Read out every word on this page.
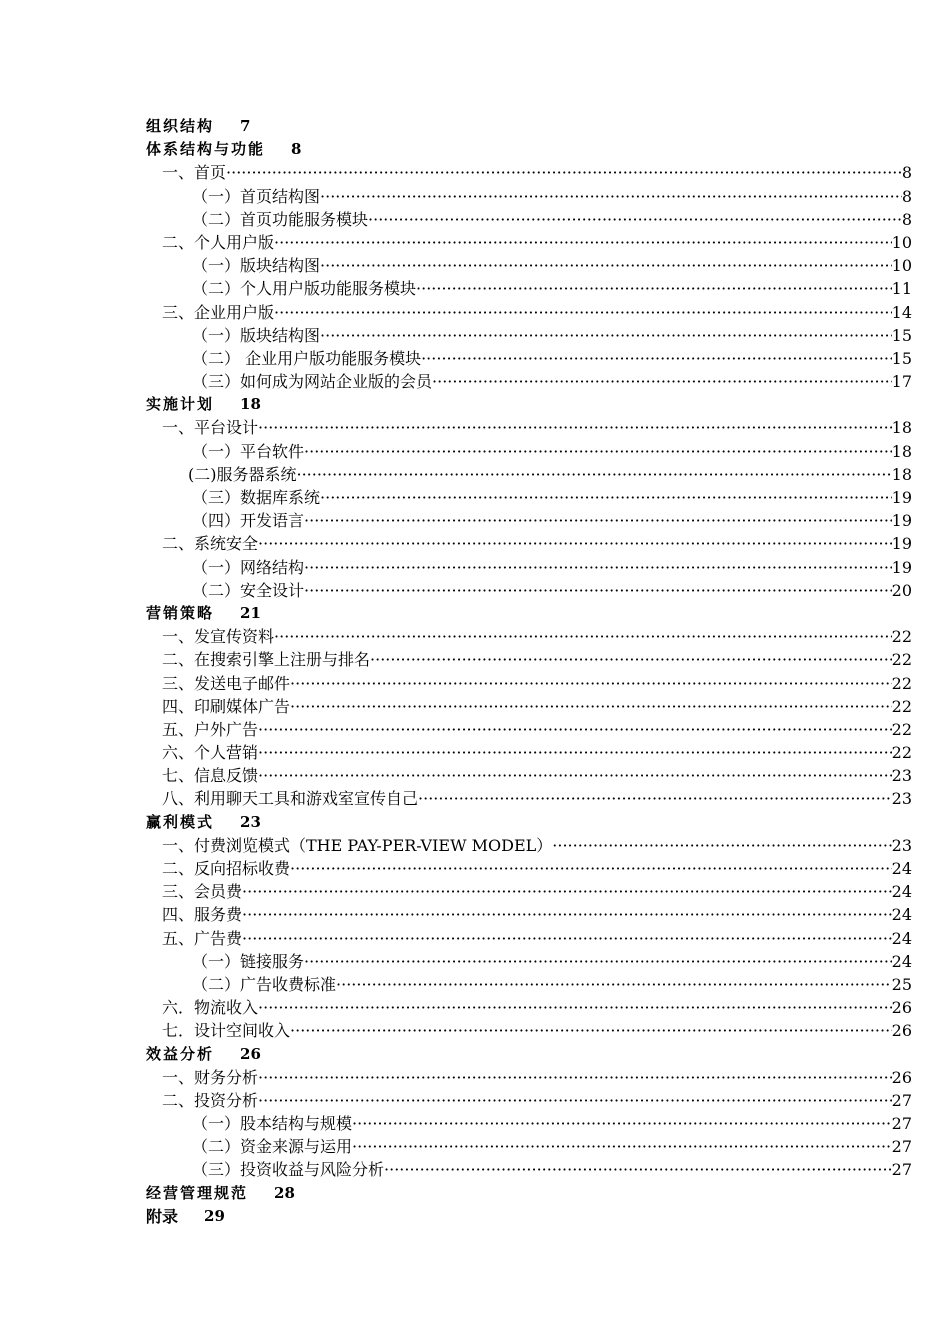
组织结构 7
体系结构与功能 8
一、首页 ·····	8
（一）首页结构图 ·····	8
（二）首页功能服务模块 ·····	8
二、个人用户版 ·····	10
（一）版块结构图 ·····	10
（二）个人用户版功能服务模块 ·····	11
三、企业用户版 ·····	14
（一）版块结构图 ·····	15
（二） 企业用户版功能服务模块 ·····	15
（三）如何成为网站企业版的会员 ·····	17
实施计划 18
一、平台设计 ·····	18
（一）平台软件 ·····	18
(二)服务器系统 ·····	18
（三）数据库系统 ·····	19
（四）开发语言 ·····	19
二、系统安全 ·····	19
（一）网络结构 ·····	19
（二）安全设计 ·····	20
营销策略 21
一、发宣传资料 ·····	22
二、在搜索引擎上注册与排名 ·····	22
三、发送电子邮件 ·····	22
四、印刷媒体广告 ·····	22
五、户外广告 ·····	22
六、个人营销 ·····	22
七、信息反馈 ·····	23
八、利用聊天工具和游戏室宣传自己 ·····	23
赢利模式 23
一、付费浏览模式（THE PAY-PER-VIEW MODEL） ·····	23
二、反向招标收费 ·····	24
三、会员费 ·····	24
四、服务费 ·····	24
五、广告费 ·····	24
（一）链接服务 ·····	24
（二）广告收费标准 ·····	25
六．物流收入 ·····	26
七．设计空间收入 ·····	26
效益分析 26
一、财务分析 ·····	26
二、投资分析 ·····	27
（一）股本结构与规模 ·····	27
（二）资金来源与运用 ·····	27
（三）投资收益与风险分析 ·····	27
经营管理规范 28
附录 29
